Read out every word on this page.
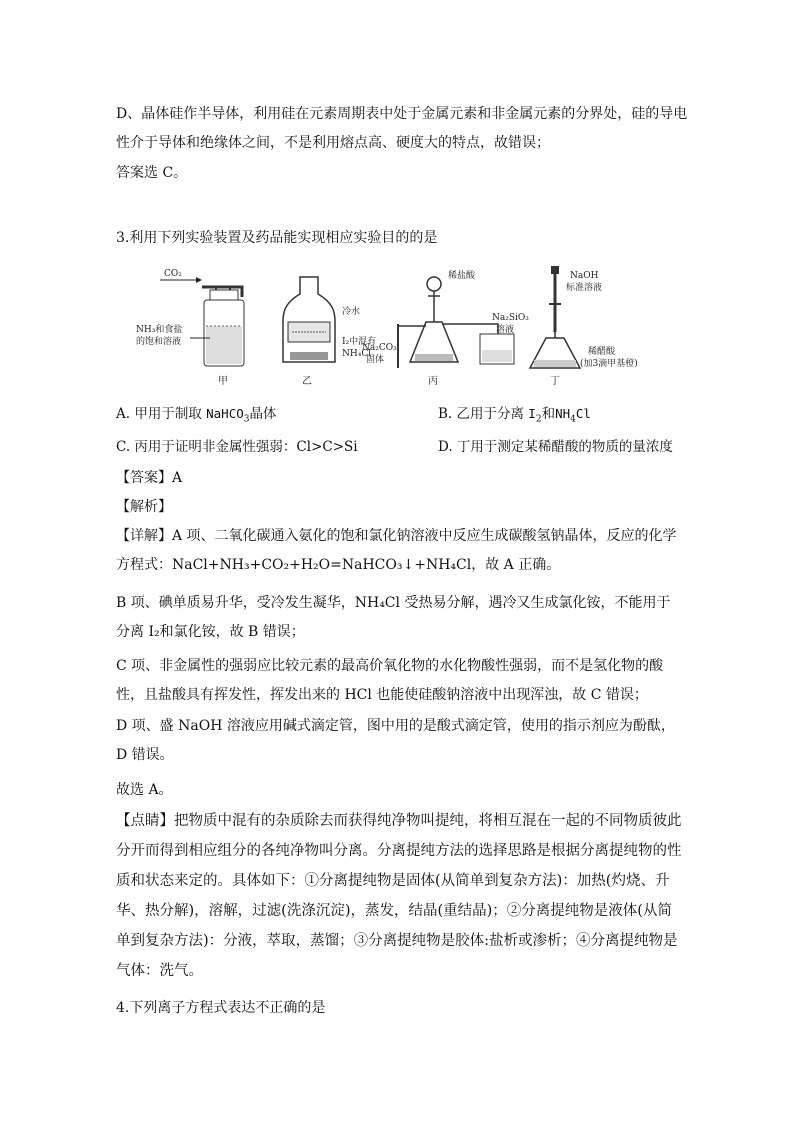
D、晶体硅作半导体，利用硅在元素周期表中处于金属元素和非金属元素的分界处，硅的导电
性介于导体和绝缘体之间，不是利用熔点高、硬度大的特点，故错误；
答案选 C。
3.利用下列实验装置及药品能实现相应实验目的的是
CO₂
NH₃和食盐
的饱和溶液
甲
冷水
I₂中混有
NH₄Cl
乙
稀盐酸
Na₂CO₃
固体
Na₂SiO₃
溶液
丙
NaOH
标准溶液
稀醋酸
(加3滴甲基橙)
丁
A. 甲用于制取 NaHCO$_3$晶体	B. 乙用于分离 $I_2$和$NH_4Cl$
C. 丙用于证明非金属性强弱：Cl>C>Si	D. 丁用于测定某稀醋酸的物质的量浓度
【答案】A
【解析】
【详解】A 项、二氧化碳通入氨化的饱和氯化钠溶液中反应生成碳酸氢钠晶体，反应的化学方程式：NaCl+NH₃+CO₂+H₂O=NaHCO₃↓+NH₄Cl，故 A 正确。
B 项、碘单质易升华，受冷发生凝华，NH₄Cl 受热易分解，遇冷又生成氯化铵，不能用于分离 I₂和氯化铵，故 B 错误；
C 项、非金属性的强弱应比较元素的最高价氧化物的水化物酸性强弱，而不是氢化物的酸性，且盐酸具有挥发性，挥发出来的 HCl 也能使硅酸钠溶液中出现浑浊，故 C 错误；
D 项、盛 NaOH 溶液应用碱式滴定管，图中用的是酸式滴定管，使用的指示剂应为酚酞，D 错误。
故选 A。
【点睛】把物质中混有的杂质除去而获得纯净物叫提纯，将相互混在一起的不同物质彼此分开而得到相应组分的各纯净物叫分离。分离提纯方法的选择思路是根据分离提纯物的性质和状态来定的。具体如下：①分离提纯物是固体(从简单到复杂方法)：加热(灼烧、升华、热分解)，溶解，过滤(洗涤沉淀)，蒸发，结晶(重结晶)；②分离提纯物是液体(从简单到复杂方法)：分液，萃取，蒸馏；③分离提纯物是胶体:盐析或渗析；④分离提纯物是气体：洗气。
4.下列离子方程式表达不正确的是
